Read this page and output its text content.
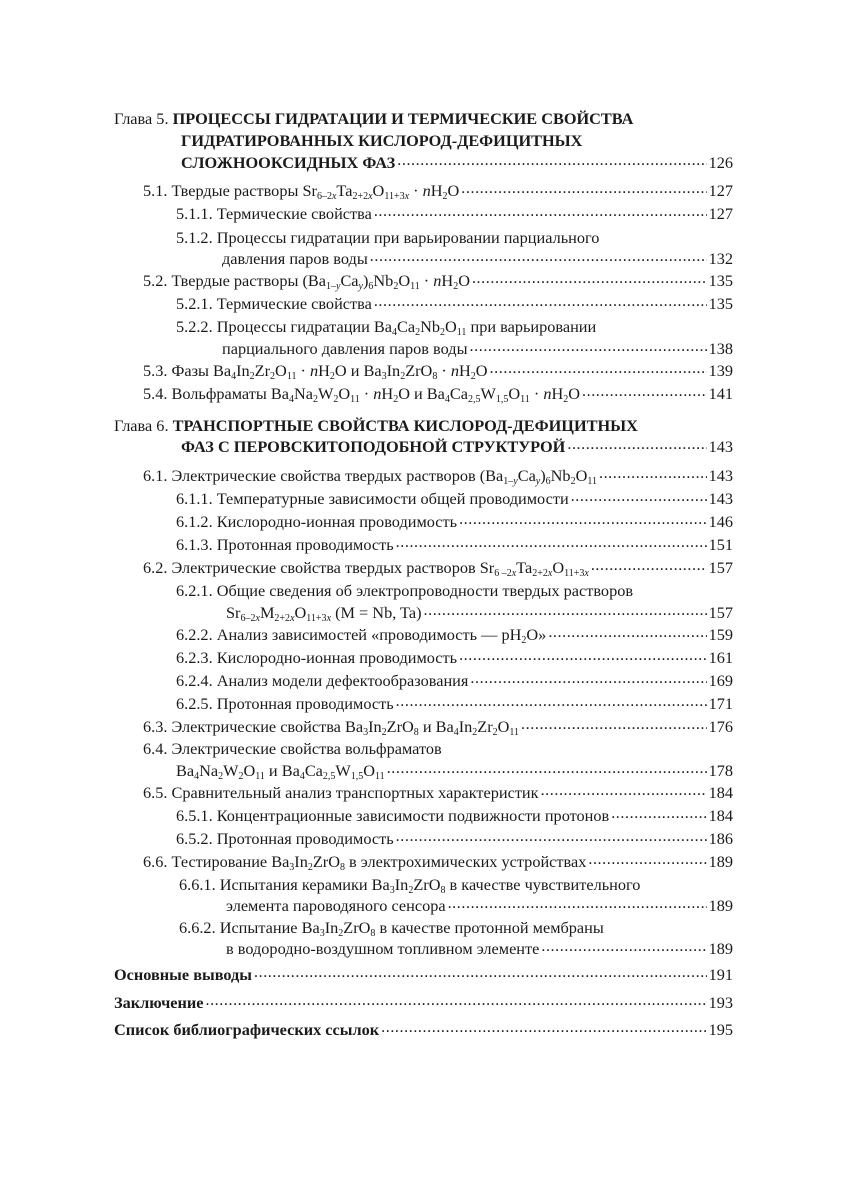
Глава 5. ПРОЦЕССЫ ГИДРАТАЦИИ И ТЕРМИЧЕСКИЕ СВОЙСТВА
ГИДРАТИРОВАННЫХ КИСЛОРОД-ДЕФИЦИТНЫХ
СЛОЖНООКСИДНЫХ ФАЗ .....	126
5.1. Твердые растворы $Sr_{6-2x}Ta_{2+2x}O_{11+3x} \cdot nH_2O$ .....	127
5.1.1. Термические свойства .....	127
5.1.2. Процессы гидратации при варьировании парциального
давления паров воды .....	132
5.2. Твердые растворы $(Ba_{1-y}Ca_y)_6Nb_2O_{11} \cdot nH_2O$ .....	135
5.2.1. Термические свойства .....	135
5.2.2. Процессы гидратации $Ba_4Ca_2Nb_2O_{11}$ при варьировании
парциального давления паров воды .....	138
5.3. Фазы $Ba_4In_2Zr_2O_{11} \cdot nH_2O$ и $Ba_3In_2ZrO_8 \cdot nH_2O$ .....	139
5.4. Вольфраматы $Ba_4Na_2W_2O_{11} \cdot nH_2O$ и $Ba_4Ca_{2,5}W_{1,5}O_{11} \cdot nH_2O$ .....	141
Глава 6. ТРАНСПОРТНЫЕ СВОЙСТВА КИСЛОРОД-ДЕФИЦИТНЫХ
ФАЗ С ПЕРОВСКИТОПОДОБНОЙ СТРУКТУРОЙ .....	143
6.1. Электрические свойства твердых растворов $(Ba_{1-y}Ca_y)_6Nb_2O_{11}$ .....	143
6.1.1. Температурные зависимости общей проводимости .....	143
6.1.2. Кислородно-ионная проводимость .....	146
6.1.3. Протонная проводимость .....	151
6.2. Электрические свойства твердых растворов $Sr_{6 -2x}Ta_{2+2x}O_{11+3x}$ .....	157
6.2.1. Общие сведения об электропроводности твердых растворов
$Sr_{6-2x}M_{2+2x}O_{11+3x}$ (M = Nb, Ta) .....	157
6.2.2. Анализ зависимостей «проводимость — $pH_2O$» .....	159
6.2.3. Кислородно-ионная проводимость .....	161
6.2.4. Анализ модели дефектообразования .....	169
6.2.5. Протонная проводимость .....	171
6.3. Электрические свойства $Ba_3In_2ZrO_8$ и $Ba_4In_2Zr_2O_{11}$ .....	176
6.4. Электрические свойства вольфраматов
$Ba_4Na_2W_2O_{11}$ и $Ba_4Ca_{2,5}W_{1,5}O_{11}$ .....	178
6.5. Сравнительный анализ транспортных характеристик .....	184
6.5.1. Концентрационные зависимости подвижности протонов .....	184
6.5.2. Протонная проводимость .....	186
6.6. Тестирование $Ba_3In_2ZrO_8$ в электрохимических устройствах .....	189
6.6.1. Испытания керамики $Ba_3In_2ZrO_8$ в качестве чувствительного
элемента пароводяного сенсора .....	189
6.6.2. Испытание $Ba_3In_2ZrO_8$ в качестве протонной мембраны
в водородно-воздушном топливном элементе .....	189
Основные выводы .....	191
Заключение .....	193
Список библиографических ссылок .....	195
